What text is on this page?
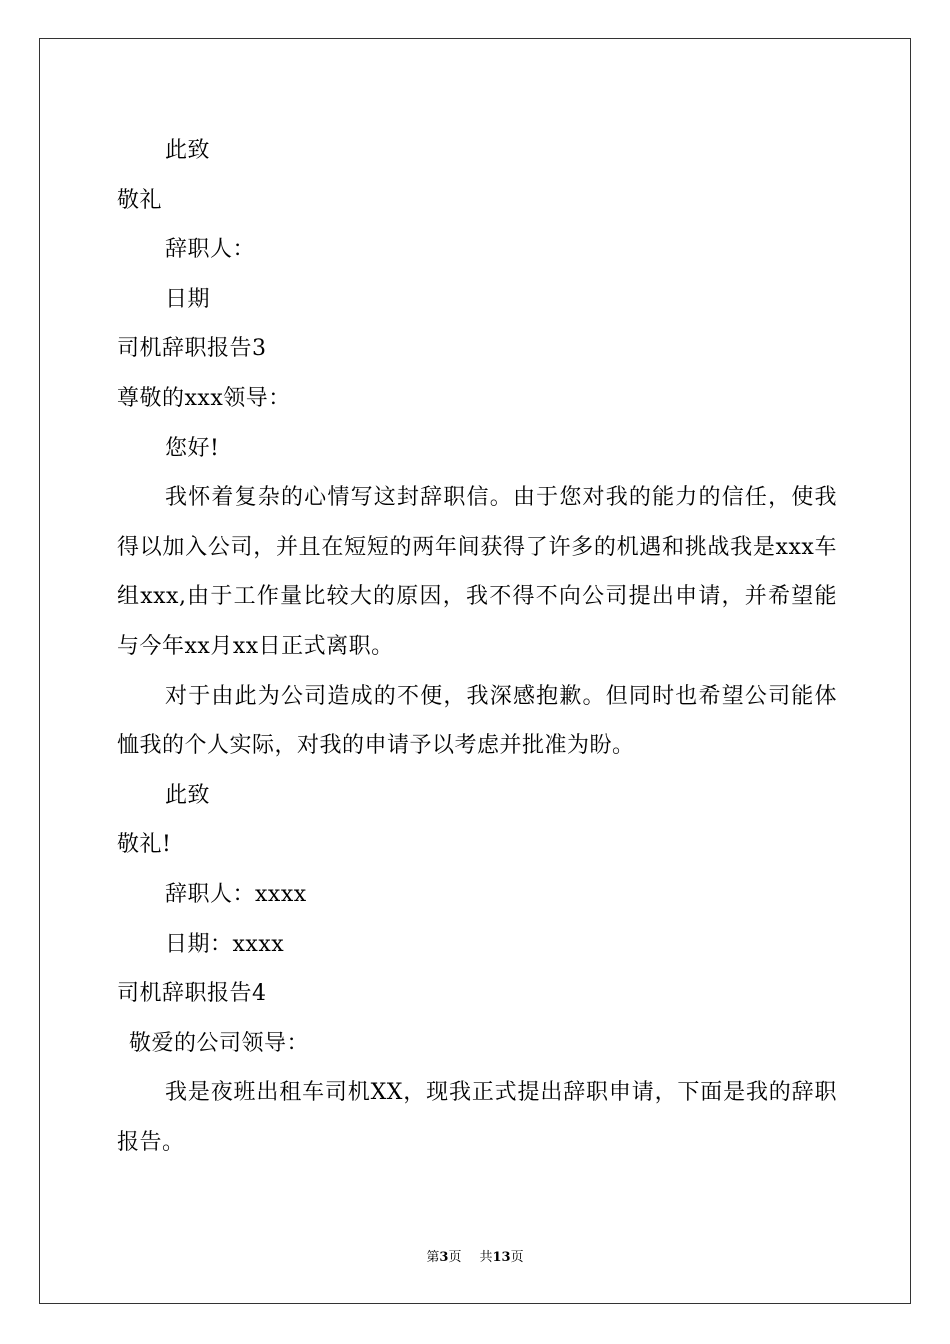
此致
敬礼
辞职人：
日期
司机辞职报告3
尊敬的xxx领导：
您好!

我怀着复杂的心情写这封辞职信。由于您对我的能力的信任，使我得以加入公司，并且在短短的两年间获得了许多的机遇和挑战我是xxx车组xxx,由于工作量比较大的原因，我不得不向公司提出申请，并希望能与今年xx月xx日正式离职。

对于由此为公司造成的不便，我深感抱歉。但同时也希望公司能体恤我的个人实际，对我的申请予以考虑并批准为盼。

此致
敬礼!
辞职人：xxxx
日期：xxxx
司机辞职报告4
敬爱的公司领导：

我是夜班出租车司机XX，现我正式提出辞职申请，下面是我的辞职报告。

第3页 共13页
